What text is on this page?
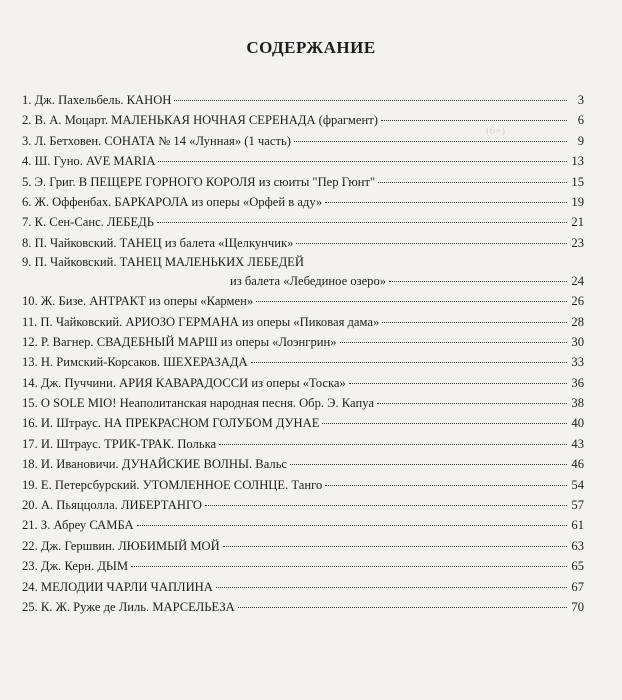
(6+)
СОДЕРЖАНИЕ
1. Дж. Пахельбель. КАНОН	3
2. В. А. Моцарт. МАЛЕНЬКАЯ НОЧНАЯ СЕРЕНАДА (фрагмент)	6
3. Л. Бетховен. СОНАТА № 14 «Лунная» (1 часть)	9
4. Ш. Гуно. AVE MARIA	13
5. Э. Григ. В ПЕЩЕРЕ ГОРНОГО КОРОЛЯ из сюиты "Пер Гюнт"	15
6. Ж. Оффенбах. БАРКАРОЛА из оперы «Орфей в аду»	19
7. К. Сен-Санс. ЛЕБЕДЬ	21
8. П. Чайковский. ТАНЕЦ из балета «Щелкунчик»	23
9. П. Чайковский. ТАНЕЦ МАЛЕНЬКИХ ЛЕБЕДЕЙ
из балета «Лебединое озеро»	24
10. Ж. Бизе. АНТРАКТ из оперы «Кармен»	26
11. П. Чайковский. АРИОЗО ГЕРМАНА из оперы «Пиковая дама»	28
12. Р. Вагнер. СВАДЕБНЫЙ МАРШ из оперы «Лоэнгрин»	30
13. Н. Римский-Корсаков. ШЕХЕРАЗАДА	33
14. Дж. Пуччини. АРИЯ КАВАРАДОССИ из оперы «Тоска»	36
15. O SOLE MIO! Неаполитанская народная песня. Обр. Э. Капуа	38
16. И. Штраус. НА ПРЕКРАСНОМ ГОЛУБОМ ДУНАЕ	40
17. И. Штраус. ТРИК-ТРАК. Полька	43
18. И. Ивановичи. ДУНАЙСКИЕ ВОЛНЫ. Вальс	46
19. Е. Петерсбурский. УТОМЛЕННОЕ СОЛНЦЕ. Танго	54
20. А. Пьяццолла. ЛИБЕРТАНГО	57
21. З. Абреу САМБА	61
22. Дж. Гершвин. ЛЮБИМЫЙ МОЙ	63
23. Дж. Керн. ДЫМ	65
24. МЕЛОДИИ ЧАРЛИ ЧАПЛИНА	67
25. К. Ж. Руже де Лиль. МАРСЕЛЬЕЗА	70
